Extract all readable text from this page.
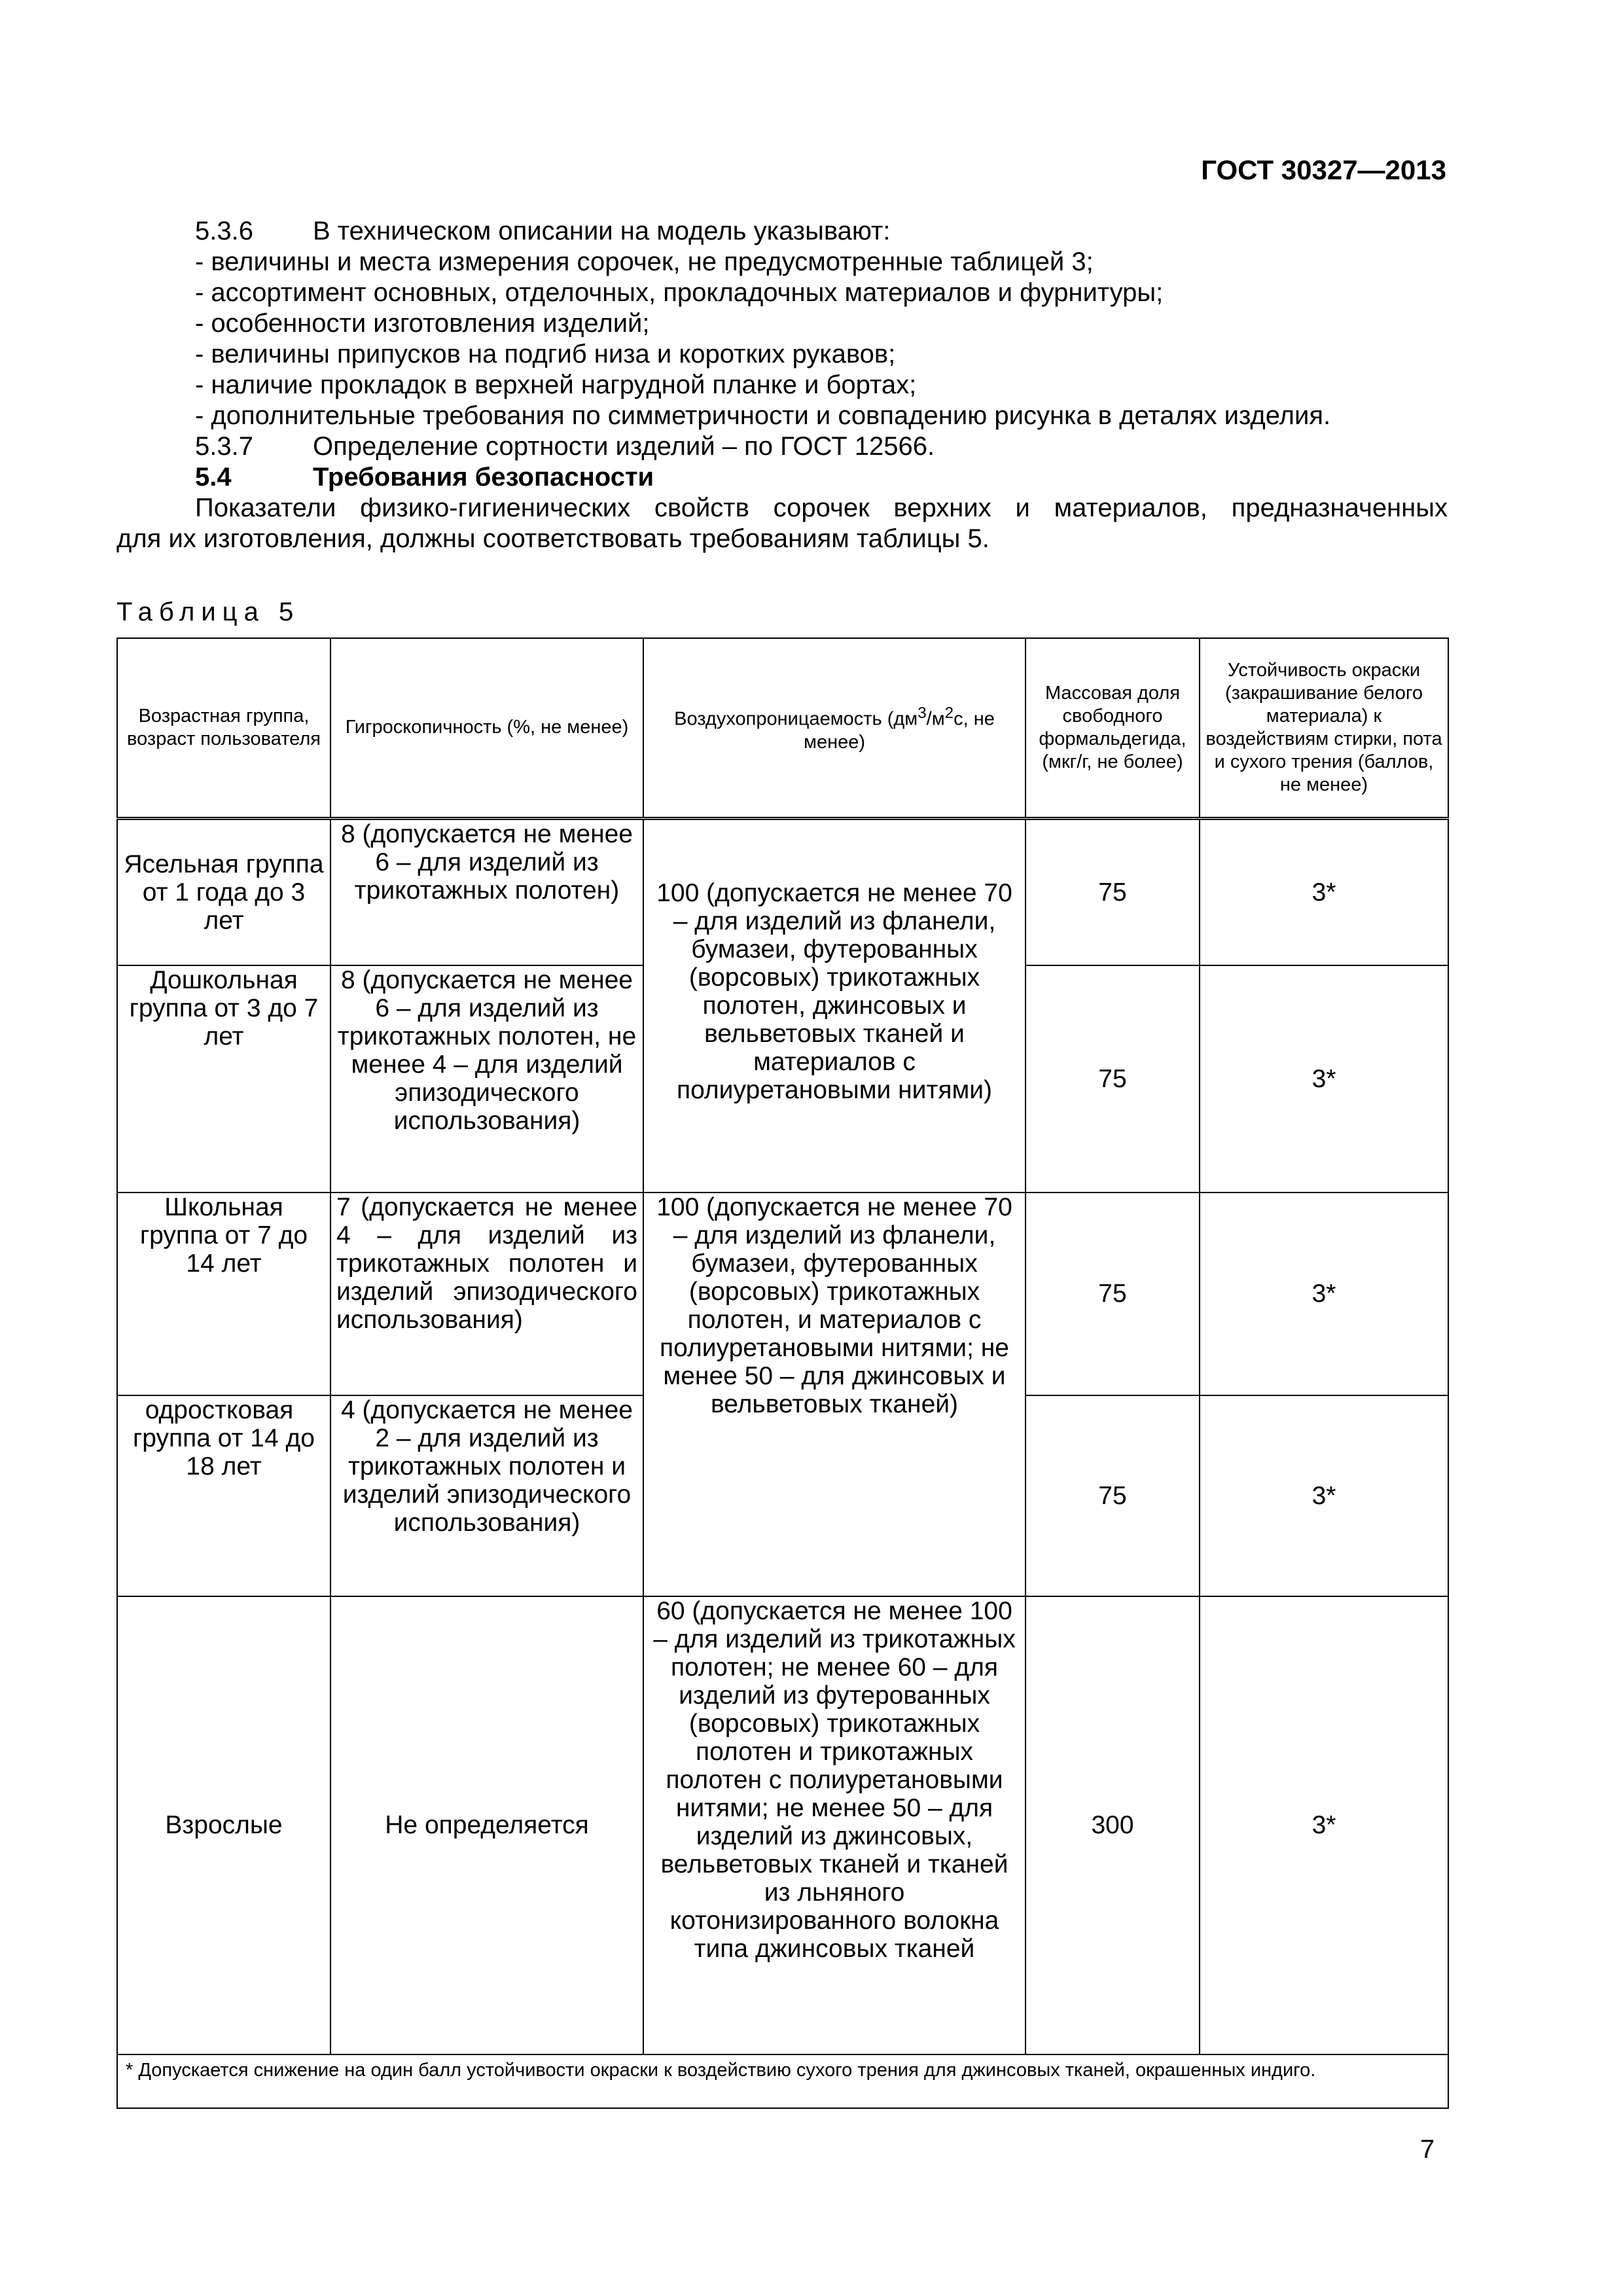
ГОСТ 30327—2013
5.3.6 В техническом описании на модель указывают:
- величины и места измерения сорочек, не предусмотренные таблицей 3;
- ассортимент основных, отделочных, прокладочных материалов и фурнитуры;
- особенности изготовления изделий;
- величины припусков на подгиб низа и коротких рукавов;
- наличие прокладок в верхней нагрудной планке и бортах;
- дополнительные требования по симметричности и совпадению рисунка в деталях изделия.
5.3.7 Определение сортности изделий – по ГОСТ 12566.
5.4	Требования безопасности
Показатели физико-гигиенических свойств сорочек верхних и материалов, предназначенных
для их изготовления, должны соответствовать требованиям таблицы 5.
Таблица 5
Возрастная группа, возраст пользователя	Гигроскопичность (%, не менее)	Воздухопроницаемость ($дм^3/м^2с$, не менее)	Массовая доля свободного формальдегида, (мкг/г, не более)	Устойчивость окраски (закрашивание белого материала) к воздействиям стирки, пота и сухого трения (баллов, не менее)
Ясельная группа от 1 года до 3 лет	8 (допускается не менее 6 – для изделий из трикотажных полотен)	100 (допускается не менее 70 – для изделий из фланели, бумазеи, футерованных (ворсовых) трикотажных полотен, джинсовых и вельветовых тканей и материалов с полиуретановыми нитями)	75	3*
Дошкольная группа от 3 до 7 лет	8 (допускается не менее 6 – для изделий из трикотажных полотен, не менее 4 – для изделий эпизодического использования)		75	3*
Школьная группа от 7 до 14 лет	7 (допускается не менее 4 – для изделий из трикотажных полотен и изделий эпизодического использования)	100 (допускается не менее 70 – для изделий из фланели, бумазеи, футерованных (ворсовых) трикотажных полотен, и материалов с полиуретановыми нитями; не менее 50 – для джинсовых и вельветовых тканей)	75	3*
одростковая группа от 14 до 18 лет	4 (допускается не менее 2 – для изделий из трикотажных полотен и изделий эпизодического использования)		75	3*
Взрослые	Не определяется	60 (допускается не менее 100 – для изделий из трикотажных полотен; не менее 60 – для изделий из футерованных (ворсовых) трикотажных полотен и трикотажных полотен с полиуретановыми нитями; не менее 50 – для изделий из джинсовых, вельветовых тканей и тканей из льняного котонизированного волокна типа джинсовых тканей	300	3*
* Допускается снижение на один балл устойчивости окраски к воздействию сухого трения для джинсовых тканей, окрашенных индиго.				
7
